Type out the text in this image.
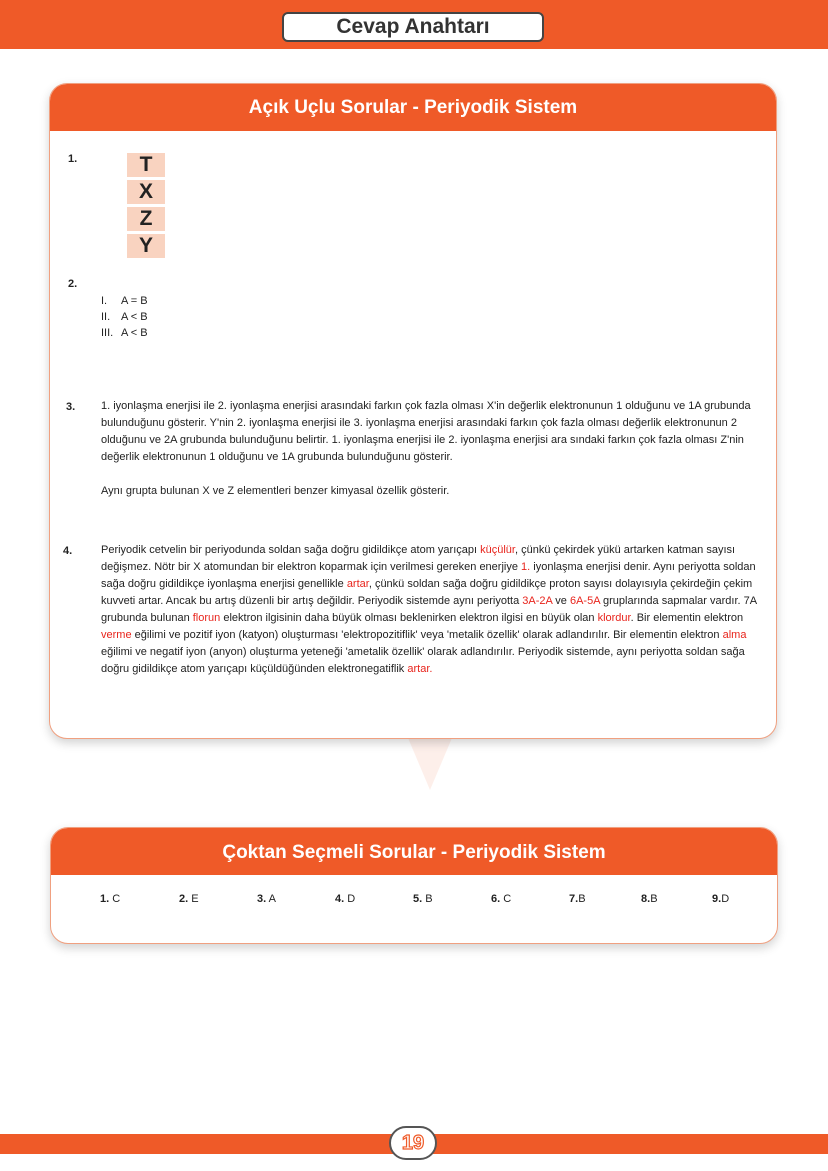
Cevap Anahtarı
Açık Uçlu Sorular - Periyodik Sistem
1.	T
X
Z
Y
2.
I. A = B
II. A < B
III. A < B
3. 1. iyonlaşma enerjisi ile 2. iyonlaşma enerjisi arasındaki farkın çok fazla olması X'in değerlik elektronunun 1 olduğunu ve 1A grubunda bulunduğunu gösterir. Y'nin 2. iyonlaşma enerjisi ile 3. iyonlaşma enerjisi arasındaki farkın çok fazla olması değerlik elektronunun 2 olduğunu ve 2A grubunda bulunduğunu belirtir. 1. iyonlaşma enerjisi ile 2. iyonlaşma enerjisi ara sındaki farkın çok fazla olması Z'nin değerlik elektronunun 1 olduğunu ve 1A grubunda bulunduğunu gösterir.

Aynı grupta bulunan X ve Z elementleri benzer kimyasal özellik gösterir.

4.	Periyodik cetvelin bir periyodunda soldan sağa doğru gidildikçe atom yarıçapı küçülür, çünkü çekirdek yükü artarken katman sayısı değişmez. Nötr bir X atomundan bir elektron koparmak için verilmesi gereken enerjiye 1. iyonlaşma enerjisi denir. Aynı periyotta soldan sağa doğru gidildikçe iyonlaşma enerjisi genellikle artar, çünkü soldan sağa doğru gidildikçe proton sayısı dolayısıyla çekirdeğin çekim kuvveti artar. Ancak bu artış düzenli bir artış değildir. Periyodik sistemde aynı periyotta 3A-2A ve 6A-5A gruplarında sapmalar vardır. 7A grubunda bulunan florun elektron ilgisinin daha büyük olması beklenirken elektron ilgisi en büyük olan klordur. Bir elementin elektron verme eğilimi ve pozitif iyon (katyon) oluşturması 'elektropozitiflik' veya 'metalik özellik' olarak adlandırılır. Bir elementin elektron alma eğilimi ve negatif iyon (anyon) oluşturma yeteneği 'ametalik özellik' olarak adlandırılır. Periyodik sistemde, aynı periyotta soldan sağa doğru gidildikçe atom yarıçapı küçüldüğünden elektronegatiflik artar.
Çoktan Seçmeli Sorular - Periyodik Sistem
1. C	2. E	3. A	4. D	5. B	6. C	7.B	8.B	9.D
19
